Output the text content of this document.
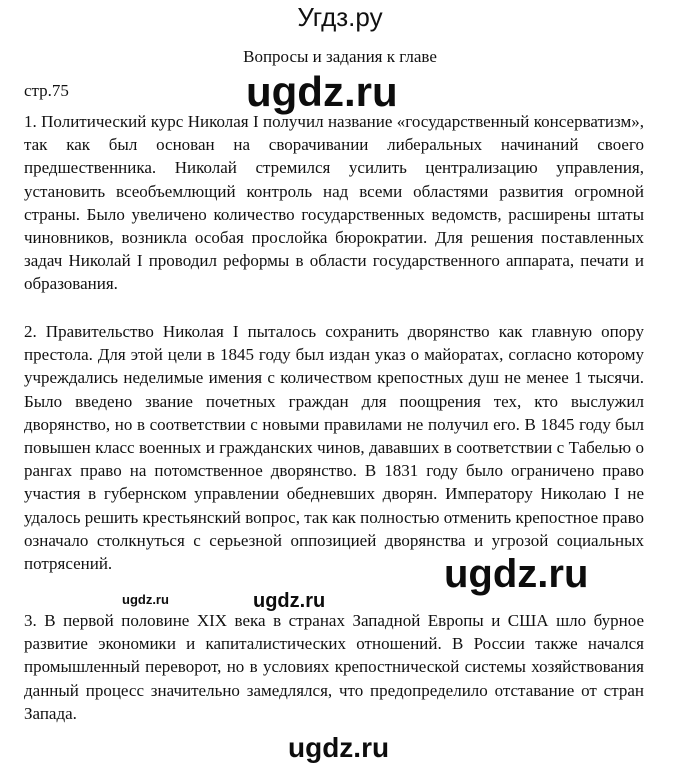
Угдз.ру
Вопросы и задания к главе
стр.75

1. Политический курс Николая I получил название «государственный консерватизм», так как был основан на сворачивании либеральных начинаний своего предшественника. Николай стремился усилить централизацию управления, установить всеобъемлющий контроль над всеми областями развития огромной страны. Было увеличено количество государственных ведомств, расширены штаты чиновников, возникла особая прослойка бюрократии. Для решения поставленных задач Николай I проводил реформы в области государственного аппарата, печати и образования.

2. Правительство Николая I пыталось сохранить дворянство как главную опору престола. Для этой цели в 1845 году был издан указ о майоратах, согласно которому учреждались неделимые имения с количеством крепостных душ не менее 1 тысячи. Было введено звание почетных граждан для поощрения тех, кто выслужил дворянство, но в соответствии с новыми правилами не получил его. В 1845 году был повышен класс военных и гражданских чинов, дававших в соответствии с Табелью о рангах право на потомственное дворянство. В 1831 году было ограничено право участия в губернском управлении обедневших дворян. Императору Николаю I не удалось решить крестьянский вопрос, так как полностью отменить крепостное право означало столкнуться с серьезной оппозицией дворянства и угрозой социальных потрясений.

3. В первой половине XIX века в странах Западной Европы и США шло бурное развитие экономики и капиталистических отношений. В России также начался промышленный переворот, но в условиях крепостнической системы хозяйствования данный процесс значительно замедлялся, что предопределило отставание от стран Запада.

ugdz.ru
ugdz.ru
ugdz.ru	ugdz.ru
ugdz.ru
